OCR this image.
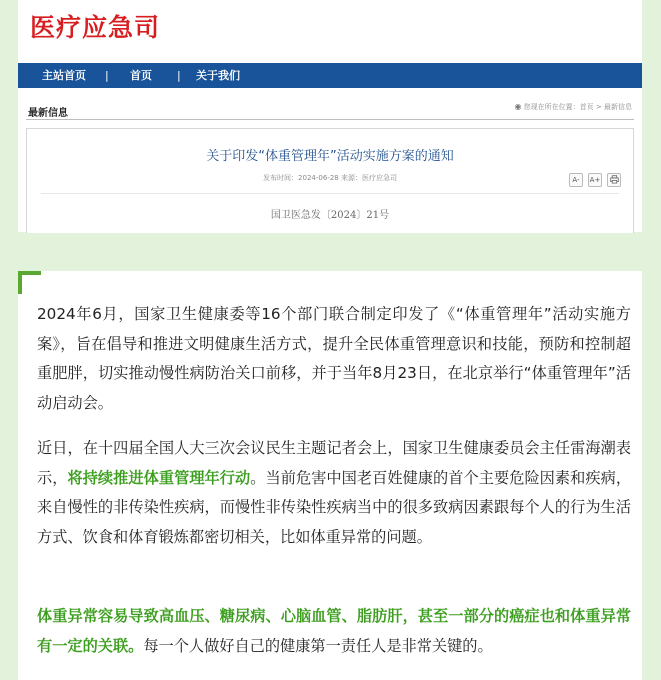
医疗应急司
主站首页 | 首页 | 关于我们
最新信息
◉ 您现在所在位置：首页 > 最新信息
关于印发“体重管理年”活动实施方案的通知
发布时间：2024-06-28 来源：医疗应急司	A-	A+
国卫医急发〔2024〕21号

2024年6月，国家卫生健康委等16个部门联合制定印发了《“体重管理年”活动实施方案》，旨在倡导和推进文明健康生活方式，提升全民体重管理意识和技能，预防和控制超重肥胖，切实推动慢性病防治关口前移，并于当年8月23日，在北京举行“体重管理年”活动启动会。

近日，在十四届全国人大三次会议民生主题记者会上，国家卫生健康委员会主任雷海潮表示，将持续推进体重管理年行动。当前危害中国老百姓健康的首个主要危险因素和疾病，来自慢性的非传染性疾病，而慢性非传染性疾病当中的很多致病因素跟每个人的行为生活方式、饮食和体育锻炼都密切相关，比如体重异常的问题。

体重异常容易导致高血压、糖尿病、心脑血管、脂肪肝，甚至一部分的癌症也和体重异常有一定的关联。每一个人做好自己的健康第一责任人是非常关键的。
